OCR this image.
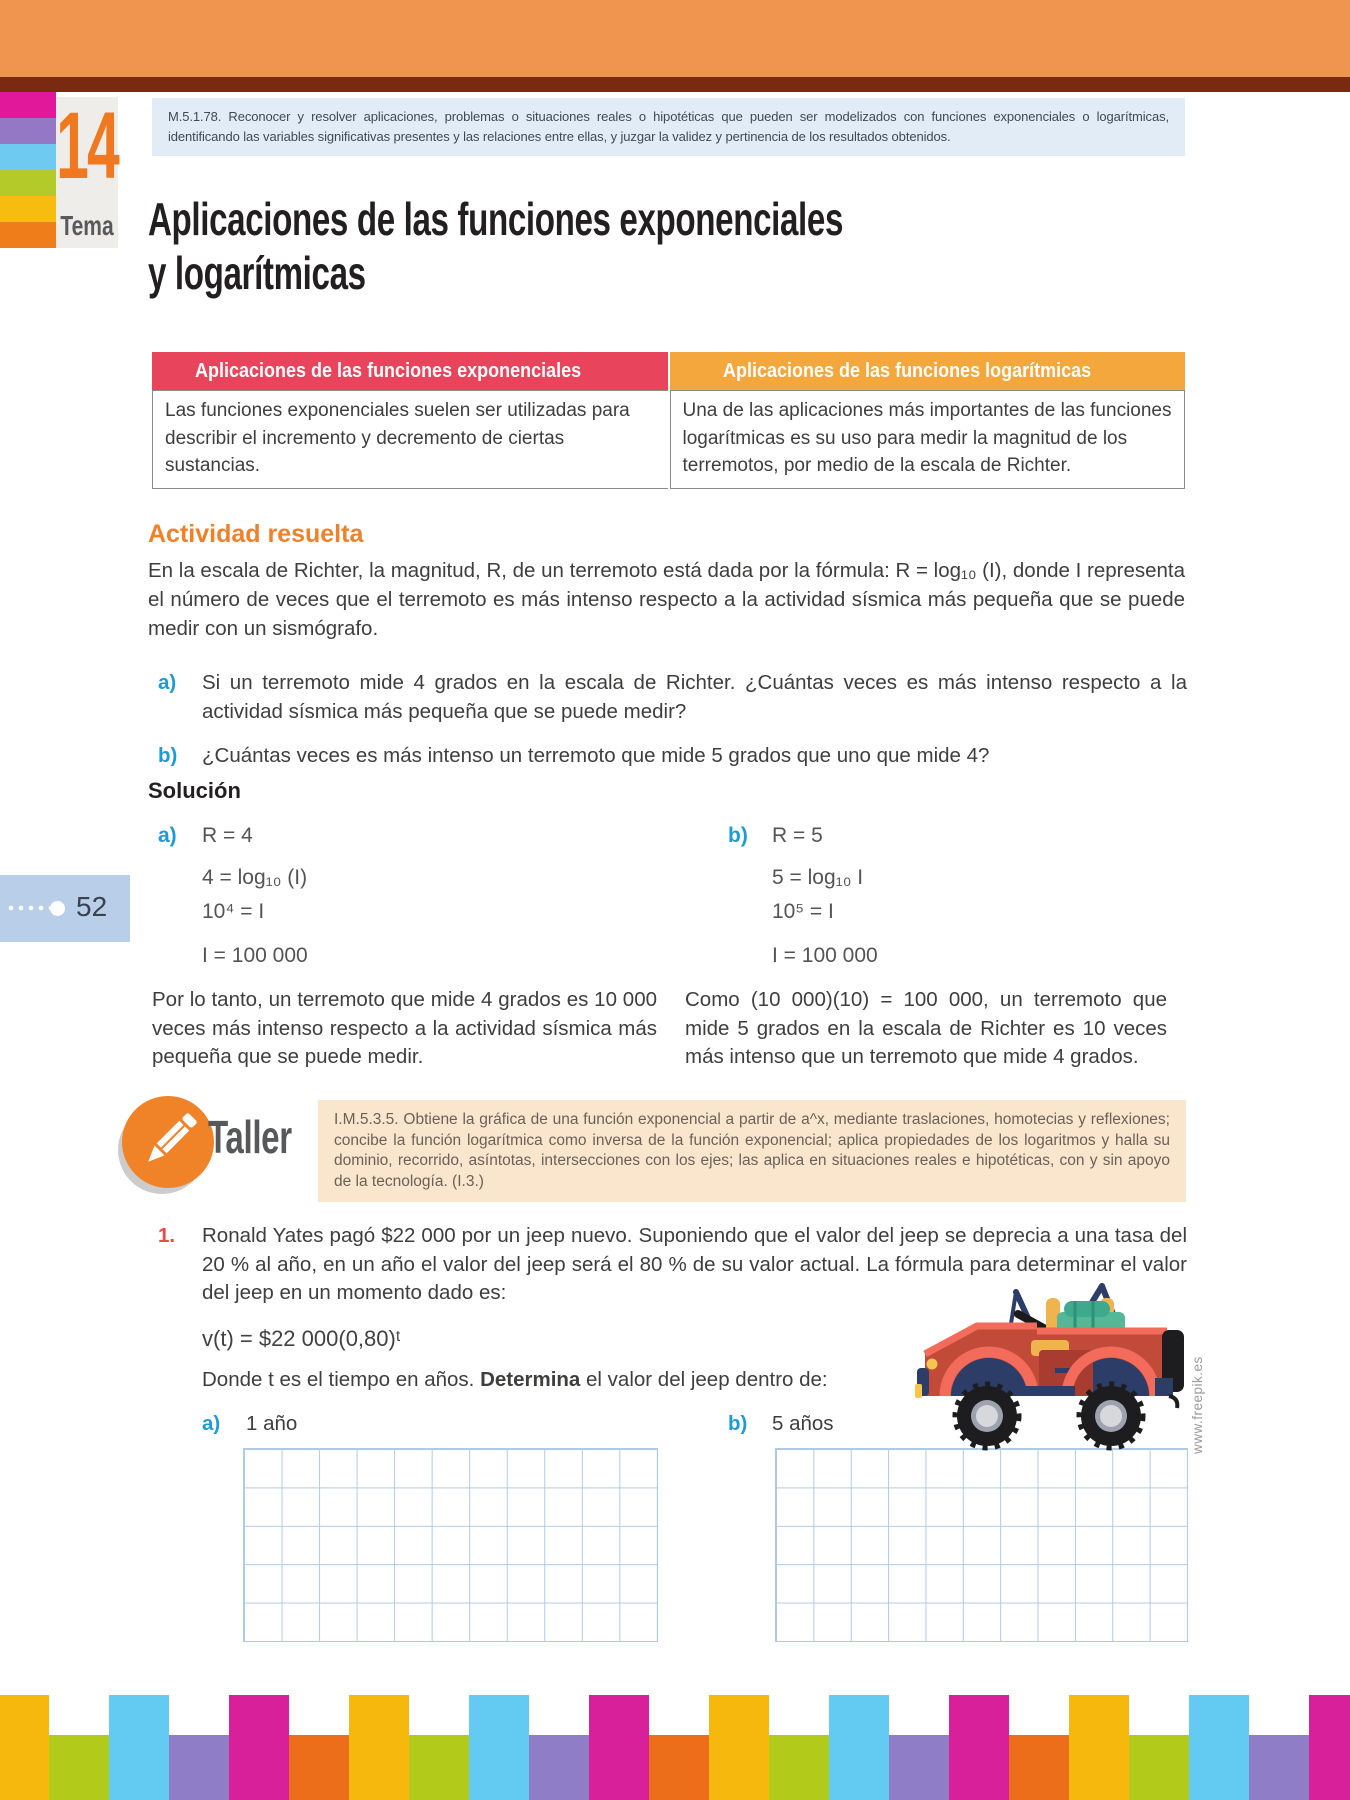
14
Tema
M.5.1.78. Reconocer y resolver aplicaciones, problemas o situaciones reales o hipotéticas que pueden ser modelizados con funciones exponenciales o logarítmicas, identificando las variables significativas presentes y las relaciones entre ellas, y juzgar la validez y pertinencia de los resultados obtenidos.
Aplicaciones de las funciones exponenciales
y logarítmicas
Aplicaciones de las funciones exponenciales	Aplicaciones de las funciones logarítmicas
Las funciones exponenciales suelen ser utilizadas para describir el incremento y decremento de ciertas sustancias.
Una de las aplicaciones más importantes de las funciones logarítmicas es su uso para medir la magnitud de los terremotos, por medio de la escala de Richter.
Actividad resuelta
En la escala de Richter, la magnitud, R, de un terremoto está dada por la fórmula: R = log₁₀ (I), donde I representa el número de veces que el terremoto es más intenso respecto a la actividad sísmica más pequeña que se puede medir con un sismógrafo.
a) Si un terremoto mide 4 grados en la escala de Richter. ¿Cuántas veces es más intenso respecto a la actividad sísmica más pequeña que se puede medir?
b) ¿Cuántas veces es más intenso un terremoto que mide 5 grados que uno que mide 4?
Solución
a) R = 4
4 = log₁₀ (I)
10⁴ = I
I = 100 000
b) R = 5
5 = log₁₀ I
10⁵ = I
I = 100 000
Por lo tanto, un terremoto que mide 4 grados es 10 000 veces más intenso respecto a la actividad sísmica más pequeña que se puede medir.
Como (10 000)(10) = 100 000, un terremoto que mide 5 grados en la escala de Richter es 10 veces más intenso que un terremoto que mide 4 grados.
Taller	I.M.5.3.5. Obtiene la gráfica de una función exponencial a partir de a^x, mediante traslaciones, homotecias y reflexiones; concibe la función logarítmica como inversa de la función exponencial; aplica propiedades de los logaritmos y halla su dominio, recorrido, asíntotas, intersecciones con los ejes; las aplica en situaciones reales e hipotéticas, con y sin apoyo de la tecnología. (I.3.)
1. Ronald Yates pagó $22 000 por un jeep nuevo. Suponiendo que el valor del jeep se deprecia a una tasa del 20 % al año, en un año el valor del jeep será el 80 % de su valor actual. La fórmula para determinar el valor del jeep en un momento dado es:
v(t) = $22 000(0,80)ᵗ
Donde t es el tiempo en años. Determina el valor del jeep dentro de:
a) 1 año	b) 5 años	www.freepik.es
52
